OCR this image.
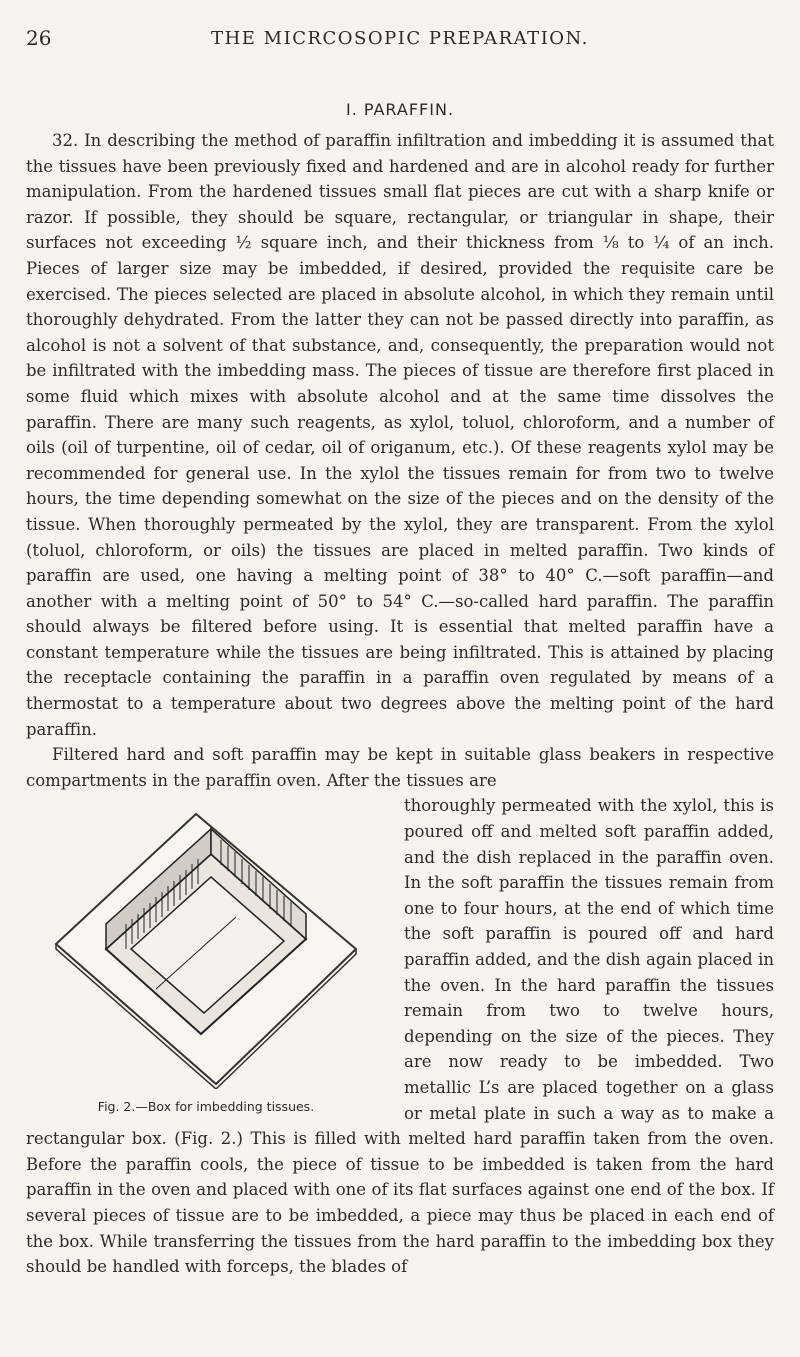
26	THE MICRCOSOPIC PREPARATION.
I. PARAFFIN.

32. In describing the method of paraffin infiltration and imbedding it is assumed that the tissues have been previously fixed and hardened and are in alcohol ready for further manipulation. From the hardened tissues small flat pieces are cut with a sharp knife or razor. If possible, they should be square, rectangular, or triangular in shape, their surfaces not exceeding ½ square inch, and their thickness from ⅛ to ¼ of an inch. Pieces of larger size may be imbedded, if desired, provided the requisite care be exercised. The pieces selected are placed in absolute alcohol, in which they remain until thoroughly dehydrated. From the latter they can not be passed directly into paraffin, as alcohol is not a solvent of that substance, and, consequently, the preparation would not be infiltrated with the imbedding mass. The pieces of tissue are therefore first placed in some fluid which mixes with absolute alcohol and at the same time dissolves the paraffin. There are many such reagents, as xylol, toluol, chloroform, and a number of oils (oil of turpentine, oil of cedar, oil of origanum, etc.). Of these reagents xylol may be recommended for general use. In the xylol the tissues remain for from two to twelve hours, the time depending somewhat on the size of the pieces and on the density of the tissue. When thoroughly permeated by the xylol, they are transparent. From the xylol (toluol, chloroform, or oils) the tissues are placed in melted paraffin. Two kinds of paraffin are used, one having a melting point of 38° to 40° C.—soft paraffin—and another with a melting point of 50° to 54° C.—so-called hard paraffin. The paraffin should always be filtered before using. It is essential that melted paraffin have a constant temperature while the tissues are being infiltrated. This is attained by placing the receptacle containing the paraffin in a paraffin oven regulated by means of a thermostat to a temperature about two degrees above the melting point of the hard paraffin.

Filtered hard and soft paraffin may be kept in suitable glass beakers in respective compartments in the paraffin oven. After the tissues are

thoroughly permeated with the xylol, this is poured off and melted soft paraffin added, and the dish replaced in the paraffin oven. In the soft paraffin the tissues remain from one to four hours, at the end of which time the soft paraffin is poured off and hard paraffin added, and the dish again placed in the oven. In the hard paraffin the tissues remain from two to twelve hours, depending on the size of the pieces. They are now ready to be imbedded. Two metallic L’s are placed together on a glass or metal plate in such a way as to make a rectangular box. (Fig. 2.) This is filled with melted hard paraffin taken from the oven. Before the paraffin cools, the piece of tissue to be imbedded is taken from the hard paraffin in the oven and placed with one of its flat surfaces against one end of the box. If several pieces of tissue are to be imbedded, a piece may thus be placed in each end of the box. While transferring the tissues from the hard paraffin to the imbedding box they should be handled with forceps, the blades of

Fig. 2.—Box for imbedding tissues.
